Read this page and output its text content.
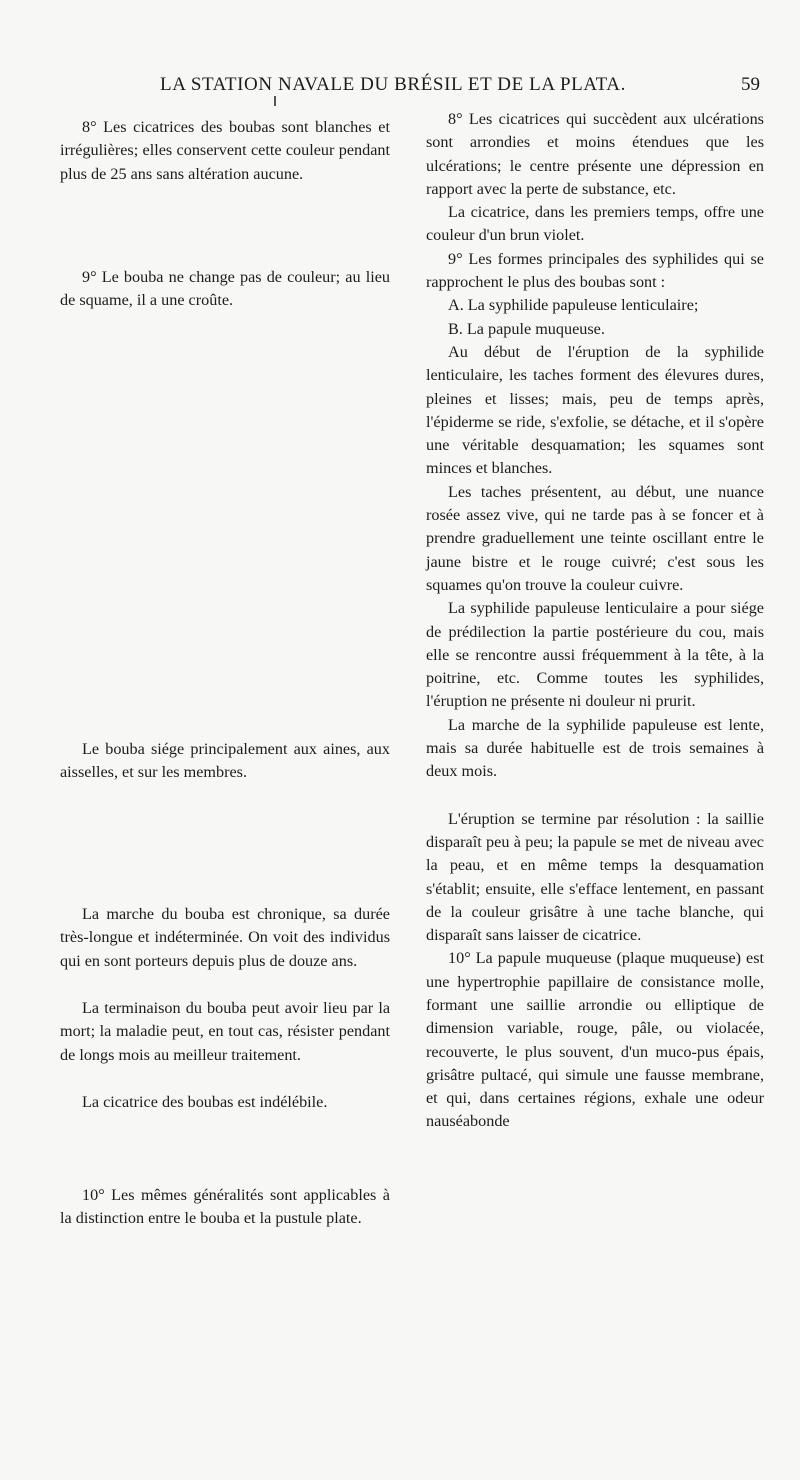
LA STATION NAVALE DU BRÉSIL ET DE LA PLATA.	59

8° Les cicatrices des boubas sont blanches et irrégulières; elles conservent cette couleur pendant plus de 25 ans sans altération aucune.

9° Le bouba ne change pas de couleur; au lieu de squame, il a une croûte.

Le bouba siége principalement aux aines, aux aisselles, et sur les membres.

La marche du bouba est chronique, sa durée très-longue et indéterminée. On voit des individus qui en sont porteurs depuis plus de douze ans.

La terminaison du bouba peut avoir lieu par la mort; la maladie peut, en tout cas, résister pendant de longs mois au meilleur traitement.

La cicatrice des boubas est indélébile.

10° Les mêmes généralités sont applicables à la distinction entre le bouba et la pustule plate.

8° Les cicatrices qui succèdent aux ulcérations sont arrondies et moins étendues que les ulcérations; le centre présente une dépression en rapport avec la perte de substance, etc.

La cicatrice, dans les premiers temps, offre une couleur d'un brun violet.

9° Les formes principales des syphilides qui se rapprochent le plus des boubas sont :

A. La syphilide papuleuse lenticulaire;

B. La papule muqueuse.

Au début de l'éruption de la syphilide lenticulaire, les taches forment des élevures dures, pleines et lisses; mais, peu de temps après, l'épiderme se ride, s'exfolie, se détache, et il s'opère une véritable desquamation; les squames sont minces et blanches.

Les taches présentent, au début, une nuance rosée assez vive, qui ne tarde pas à se foncer et à prendre graduellement une teinte oscillant entre le jaune bistre et le rouge cuivré; c'est sous les squames qu'on trouve la couleur cuivre.

La syphilide papuleuse lenticulaire a pour siége de prédilection la partie postérieure du cou, mais elle se rencontre aussi fréquemment à la tête, à la poitrine, etc. Comme toutes les syphilides, l'éruption ne présente ni douleur ni prurit.

La marche de la syphilide papuleuse est lente, mais sa durée habituelle est de trois semaines à deux mois.

L'éruption se termine par résolution : la saillie disparaît peu à peu; la papule se met de niveau avec la peau, et en même temps la desquamation s'établit; ensuite, elle s'efface lentement, en passant de la couleur grisâtre à une tache blanche, qui disparaît sans laisser de cicatrice.

10° La papule muqueuse (plaque muqueuse) est une hypertrophie papillaire de consistance molle, formant une saillie arrondie ou elliptique de dimension variable, rouge, pâle, ou violacée, recouverte, le plus souvent, d'un muco-pus épais, grisâtre pultacé, qui simule une fausse membrane, et qui, dans certaines régions, exhale une odeur nauséabonde
